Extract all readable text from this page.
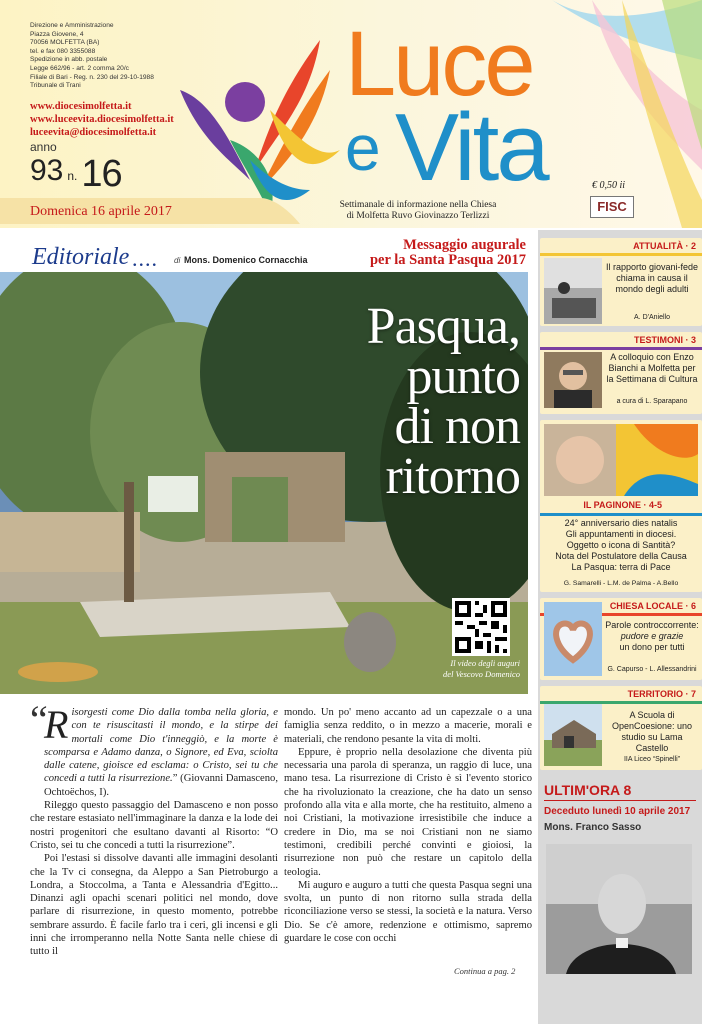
Direzione e Amministrazione
Piazza Giovene, 4
70056 MOLFETTA (BA)
tel. e fax 080 3355088
Spedizione in abb. postale
Legge 662/96 - art. 2 comma 20/c
Filiale di Bari - Reg. n. 230 del 29-10-1988
Tribunale di Trani
www.diocesimolfetta.it
www.luceevita.diocesimolfetta.it
luceevita@diocesimolfetta.it
anno
93 n. 16
Luce
e Vita
Settimanale di informazione nella Chiesa
di Molfetta Ruvo Giovinazzo Terlizzi
€ 0,50 ii
FISC
Domenica 16 aprile 2017
Editoriale .... di Mons. Domenico Cornacchia
Messaggio augurale
per la Santa Pasqua 2017
Pasqua,
punto
di non
ritorno
Il video degli auguri
del Vescovo Domenico
“

Risorgesti come Dio dalla tomba nella gloria, e con te risuscitasti il mondo, e la stirpe dei mortali come Dio t'inneggiò, e la morte è scomparsa e Adamo danza, o Signore, ed Eva, sciolta dalle catene, gioisce ed esclama: o Cristo, sei tu che concedi a tutti la risurrezione.” (Giovanni Damasceno, Ochtoëchos, I).

Rileggo questo passaggio del Damasceno e non posso che restare estasiato nell'immaginare la danza e la lode dei nostri progenitori che esultano davanti al Risorto: “O Cristo, sei tu che concedi a tutti la risurrezione”.

Poi l'estasi si dissolve davanti alle immagini desolanti che la Tv ci consegna, da Aleppo a San Pietroburgo a Londra, a Stoccolma, a Tanta e Alessandria d'Egitto... Dinanzi agli opachi scenari politici nel mondo, dove parlare di risurrezione, in questo momento, potrebbe sembrare assurdo. È facile farlo tra i ceri, gli incensi e gli inni che irromperanno nella Notte Santa nelle chiese di tutto il

mondo. Un po' meno accanto ad un capezzale o a una famiglia senza reddito, o in mezzo a macerie, morali e materiali, che rendono pesante la vita di molti.

Eppure, è proprio nella desolazione che diventa più necessaria una parola di speranza, un raggio di luce, una mano tesa. La risurrezione di Cristo è sì l'evento storico che ha rivoluzionato la creazione, che ha dato un senso profondo alla vita e alla morte, che ha restituito, almeno a noi Cristiani, la motivazione irresistibile che induce a credere in Dio, ma se noi Cristiani non ne siamo testimoni, credibili perché convinti e gioiosi, la risurrezione non può che restare un capitolo della teologia.

Mi auguro e auguro a tutti che questa Pasqua segni una svolta, un punto di non ritorno sulla strada della riconciliazione verso se stessi, la società e la natura. Verso Dio. Se c'è amore, redenzione e ottimismo, sapremo guardare le cose con occhi

Continua a pag. 2
ATTUALITÀ · 2
Il rapporto giovani-fede chiama in causa il mondo degli adulti
A. D'Aniello
TESTIMONI · 3
A colloquio con Enzo Bianchi a Molfetta per la Settimana di Cultura
a cura di L. Sparapano
IL PAGINONE · 4-5
24° anniversario dies natalis
Gli appuntamenti in diocesi.
Oggetto o icona di Santità?
Nota del Postulatore della Causa
La Pasqua: terra di Pace
G. Samarelli - L.M. de Palma - A.Bello
CHIESA LOCALE · 6
Parole controccorrente:
pudore e grazie
un dono per tutti
G. Capurso - L. Allessandrini
TERRITORIO · 7
A Scuola di OpenCoesione: uno studio su Lama Castello
IIA Liceo “Spinelli”
ULTIM'ORA 8
Deceduto lunedì 10 aprile 2017
Mons. Franco Sasso
